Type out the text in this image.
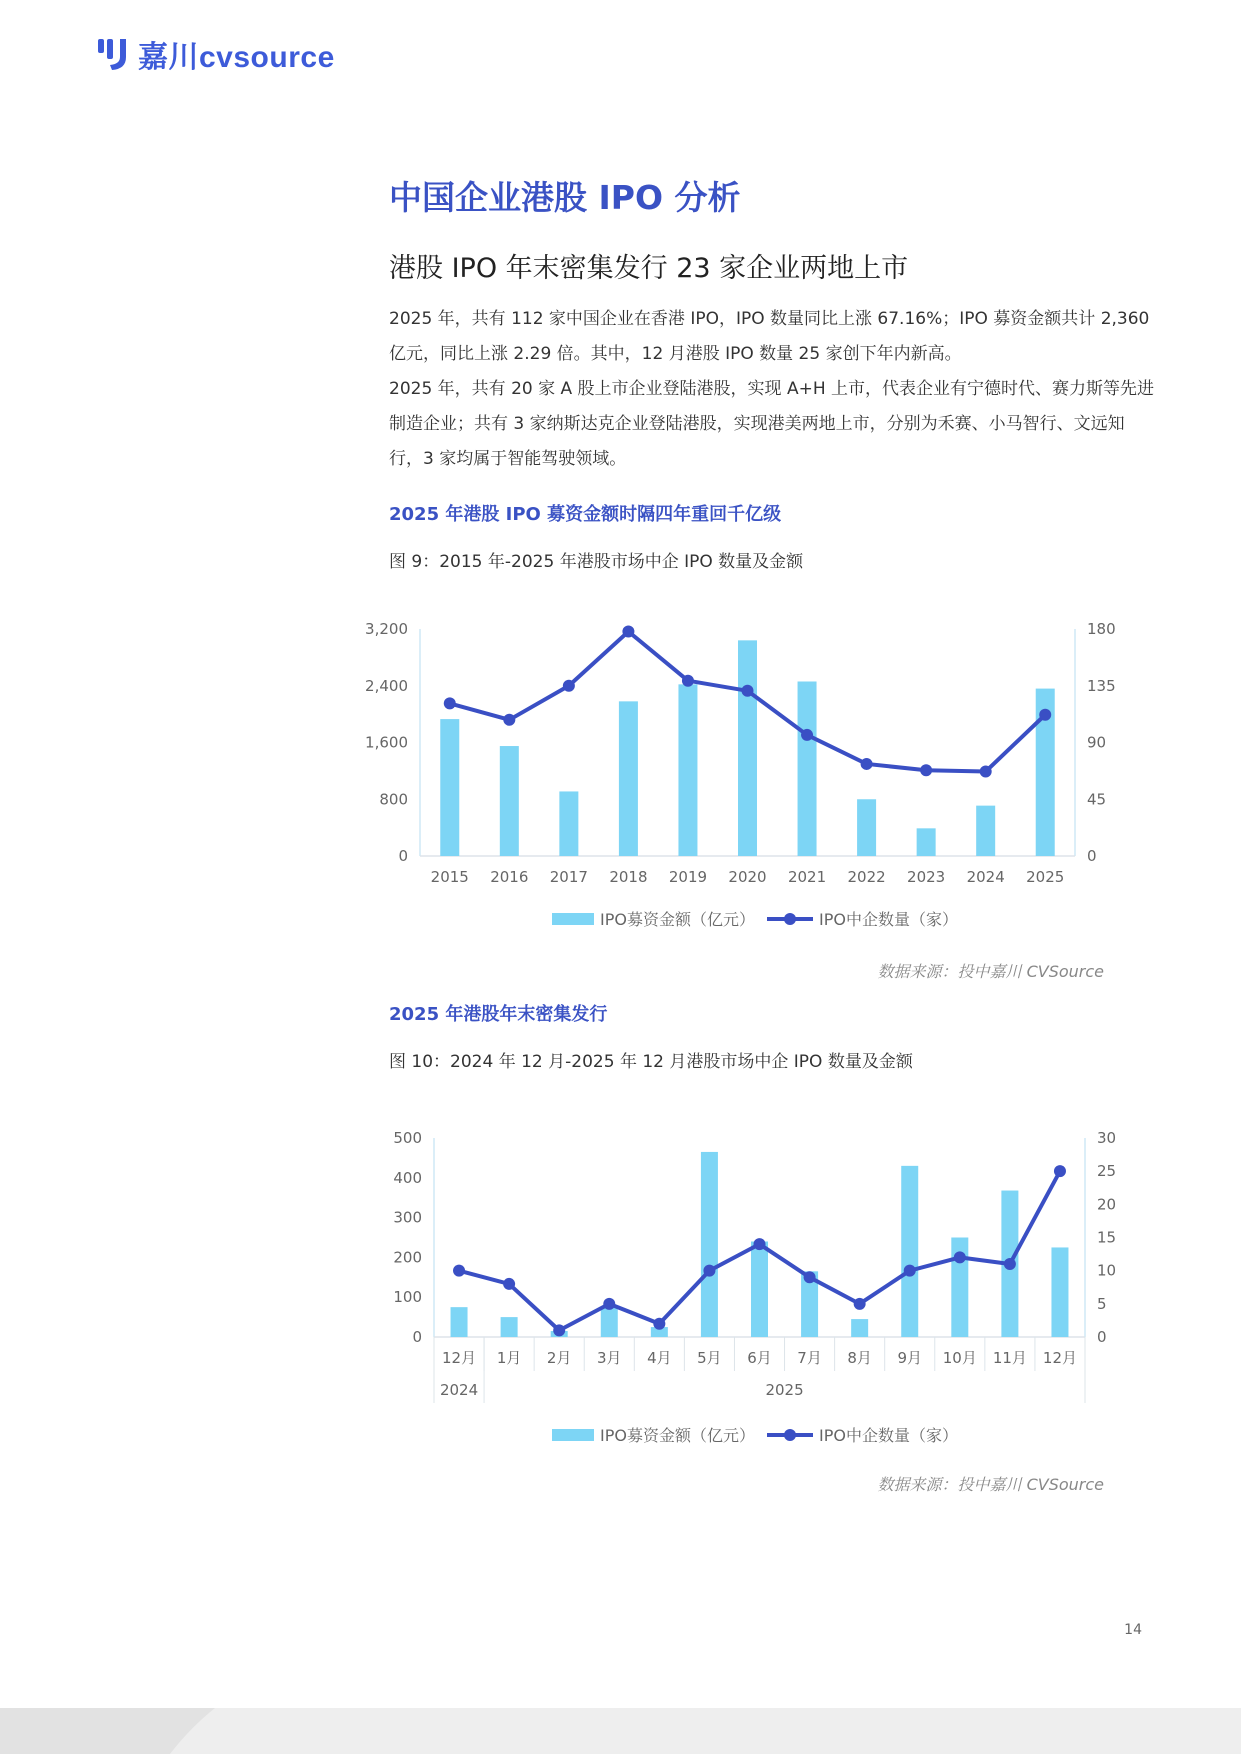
嘉川cvsource
中国企业港股 IPO 分析
港股 IPO 年末密集发行 23 家企业两地上市

2025 年，共有 112 家中国企业在香港 IPO，IPO 数量同比上涨 67.16%；IPO 募资金额共计 2,360 亿元，同比上涨 2.29 倍。其中，12 月港股 IPO 数量 25 家创下年内新高。

2025 年，共有 20 家 A 股上市企业登陆港股，实现 A+H 上市，代表企业有宁德时代、赛力斯等先进制造企业；共有 3 家纳斯达克企业登陆港股，实现港美两地上市，分别为禾赛、小马智行、文远知行，3 家均属于智能驾驶领域。

2025 年港股 IPO 募资金额时隔四年重回千亿级
图 9：2015 年-2025 年港股市场中企 IPO 数量及金额
0
800
1,600
2,400
3,200
0
45
90
135
180
2015 2016 2017 2018 2019 2020 2021 2022 2023 2024 2025
IPO募资金额（亿元）	IPO中企数量（家）
数据来源：投中嘉川 CVSource
2025 年港股年末密集发行
图 10：2024 年 12 月-2025 年 12 月港股市场中企 IPO 数量及金额
0
100
200
300
400
500
0
5
10
15
20
25
30
12月 1月 2月 3月 4月 5月 6月 7月 8月 9月 10月 11月 12月
2024	2025
IPO募资金额（亿元）	IPO中企数量（家）
数据来源：投中嘉川 CVSource
14
